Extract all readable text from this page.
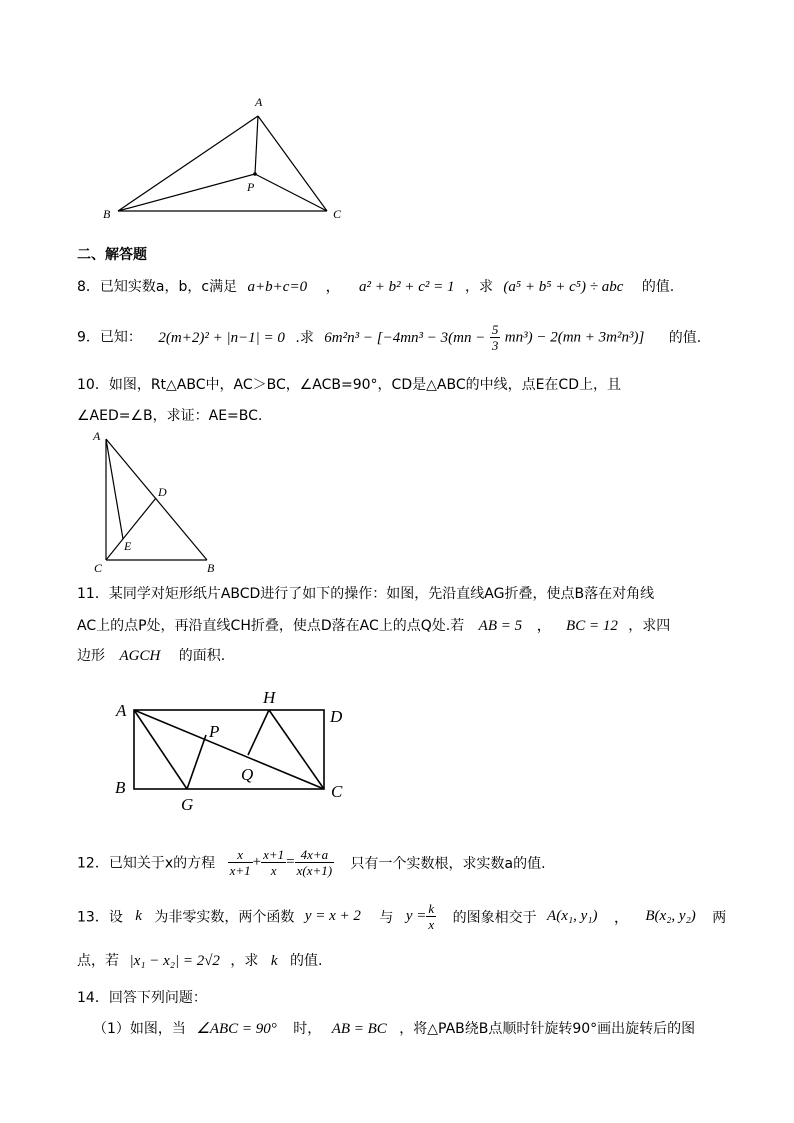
A
B	C
P
二、解答题
8．已知实数a，b，c满足 a+b+c=0 ， a² + b² + c² = 1 ，求 (a⁵ + b⁵ + c⁵) ÷ abc 的值.
9．已知： 2(m+2)² + |n−1| = 0 .求 $6m^2n^3 - [-4mn^3 - 3(mn - \frac{5}{3} mn^3) - 2(mn + 3m^2n^3)]$ 的值.
10．如图，Rt△ABC中，AC＞BC，∠ACB=90°，CD是△ABC的中线，点E在CD上，且
∠AED=∠B，求证：AE=BC.
A
D
E
C	B
11．某同学对矩形纸片ABCD进行了如下的操作：如图，先沿直线AG折叠，使点B落在对角线
AC上的点P处，再沿直线CH折叠，使点D落在AC上的点Q处.若 AB = 5 ， BC = 12 ，求四
边形 AGCH 的面积.
A
H
D
P
Q
B
G
C
12．已知关于x的方程 $\frac{x}{x+1} + \frac{x+1}{x} = \frac{4x+a}{x(x+1)}$ 只有一个实数根，求实数a的值.
13．设 k 为非零实数，两个函数 y = x + 2 与 $y = \frac{k}{x}$ 的图象相交于 A(x₁, y₁) ， B(x₂, y₂) 两
点，若 |x₁ − x₂| = 2√2 ，求 k 的值.
14．回答下列问题：
（1）如图，当 ∠ABC = 90° 时， AB = BC ，将△PAB绕B点顺时针旋转90°画出旋转后的图
